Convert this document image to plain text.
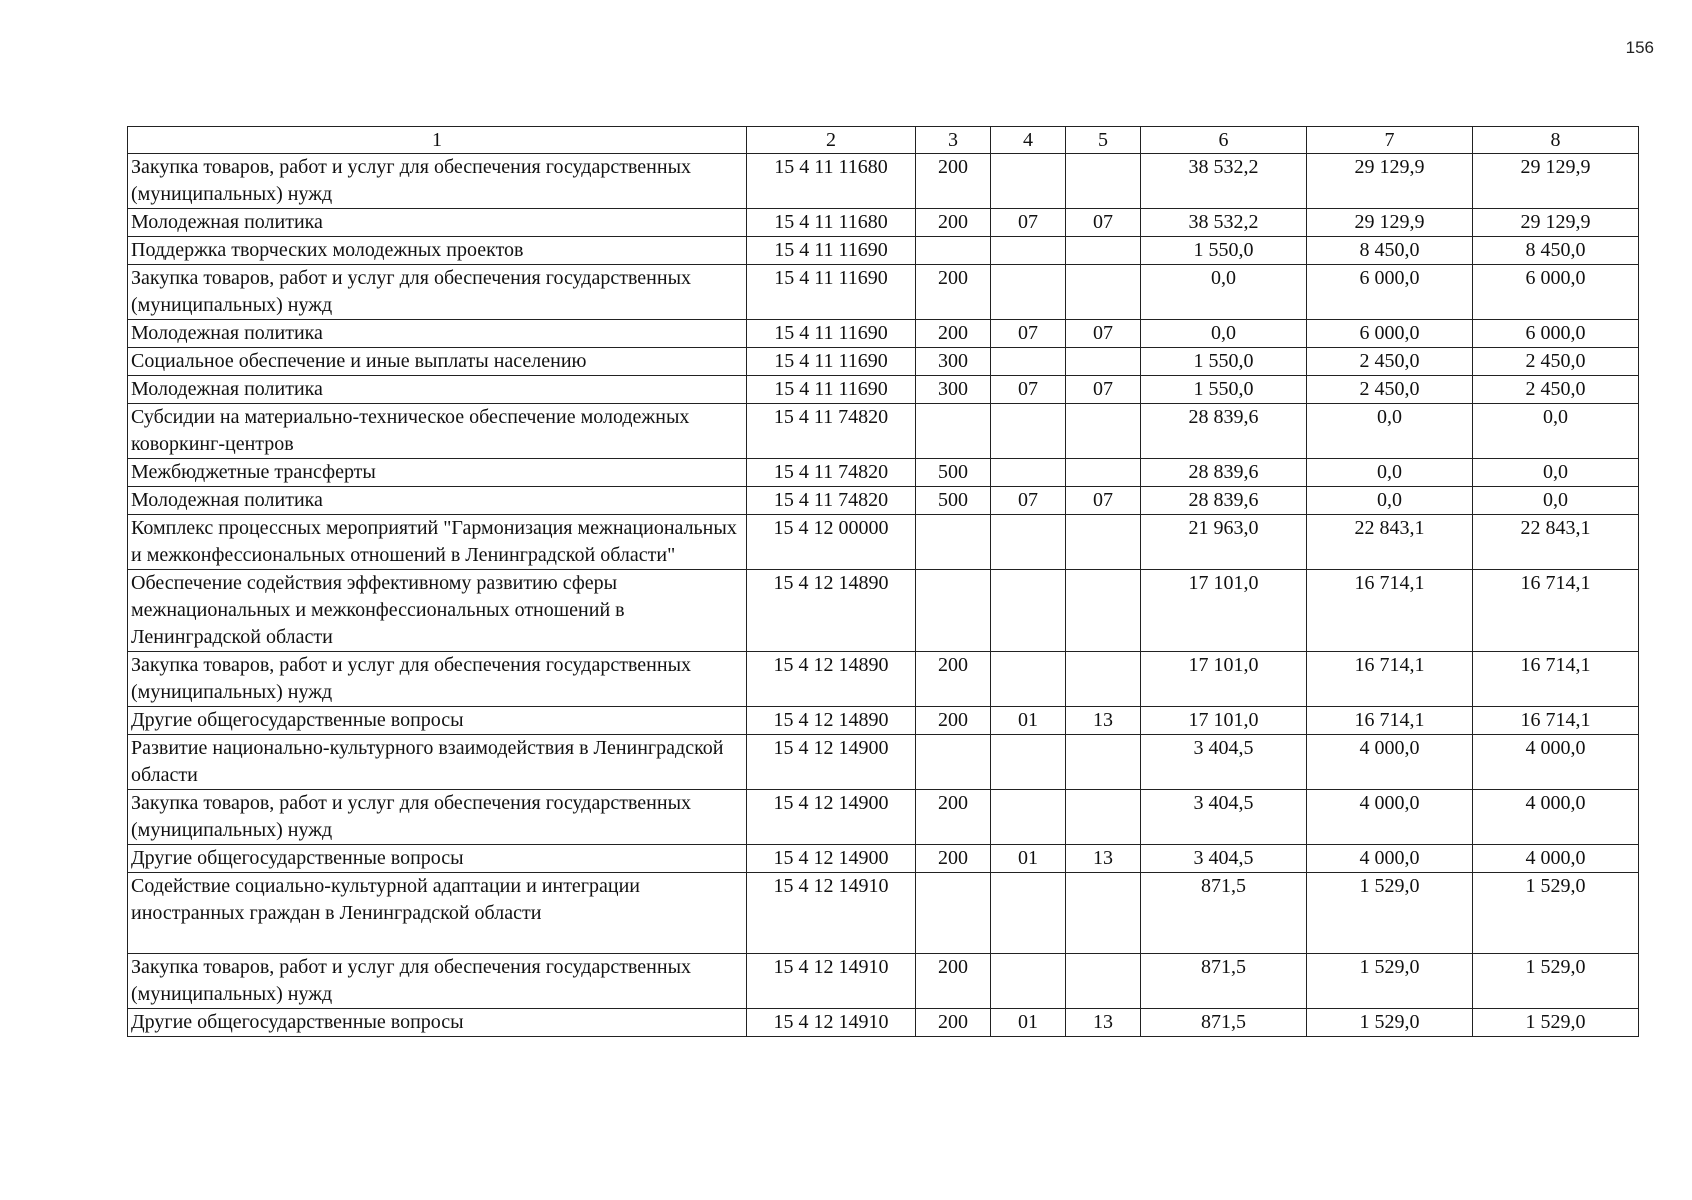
156
1	2	3	4	5	6	7	8
Закупка товаров, работ и услуг для обеспечения государственных (муниципальных) нужд	15 4 11 11680	200			38 532,2	29 129,9	29 129,9
Молодежная политика	15 4 11 11680	200	07	07	38 532,2	29 129,9	29 129,9
Поддержка творческих молодежных проектов	15 4 11 11690				1 550,0	8 450,0	8 450,0
Закупка товаров, работ и услуг для обеспечения государственных (муниципальных) нужд	15 4 11 11690	200			0,0	6 000,0	6 000,0
Молодежная политика	15 4 11 11690	200	07	07	0,0	6 000,0	6 000,0
Социальное обеспечение и иные выплаты населению	15 4 11 11690	300			1 550,0	2 450,0	2 450,0
Молодежная политика	15 4 11 11690	300	07	07	1 550,0	2 450,0	2 450,0
Субсидии на материально-техническое обеспечение молодежных коворкинг-центров	15 4 11 74820				28 839,6	0,0	0,0
Межбюджетные трансферты	15 4 11 74820	500			28 839,6	0,0	0,0
Молодежная политика	15 4 11 74820	500	07	07	28 839,6	0,0	0,0
Комплекс процессных мероприятий "Гармонизация межнациональных и межконфессиональных отношений в Ленинградской области"	15 4 12 00000				21 963,0	22 843,1	22 843,1
Обеспечение содействия эффективному развитию сферы межнациональных и межконфессиональных отношений в Ленинградской области	15 4 12 14890				17 101,0	16 714,1	16 714,1
Закупка товаров, работ и услуг для обеспечения государственных (муниципальных) нужд	15 4 12 14890	200			17 101,0	16 714,1	16 714,1
Другие общегосударственные вопросы	15 4 12 14890	200	01	13	17 101,0	16 714,1	16 714,1
Развитие национально-культурного взаимодействия в Ленинградской области	15 4 12 14900				3 404,5	4 000,0	4 000,0
Закупка товаров, работ и услуг для обеспечения государственных (муниципальных) нужд	15 4 12 14900	200			3 404,5	4 000,0	4 000,0
Другие общегосударственные вопросы	15 4 12 14900	200	01	13	3 404,5	4 000,0	4 000,0
Содействие социально-культурной адаптации и интеграции иностранных граждан в Ленинградской области	15 4 12 14910				871,5	1 529,0	1 529,0
Закупка товаров, работ и услуг для обеспечения государственных (муниципальных) нужд	15 4 12 14910	200			871,5	1 529,0	1 529,0
Другие общегосударственные вопросы	15 4 12 14910	200	01	13	871,5	1 529,0	1 529,0
